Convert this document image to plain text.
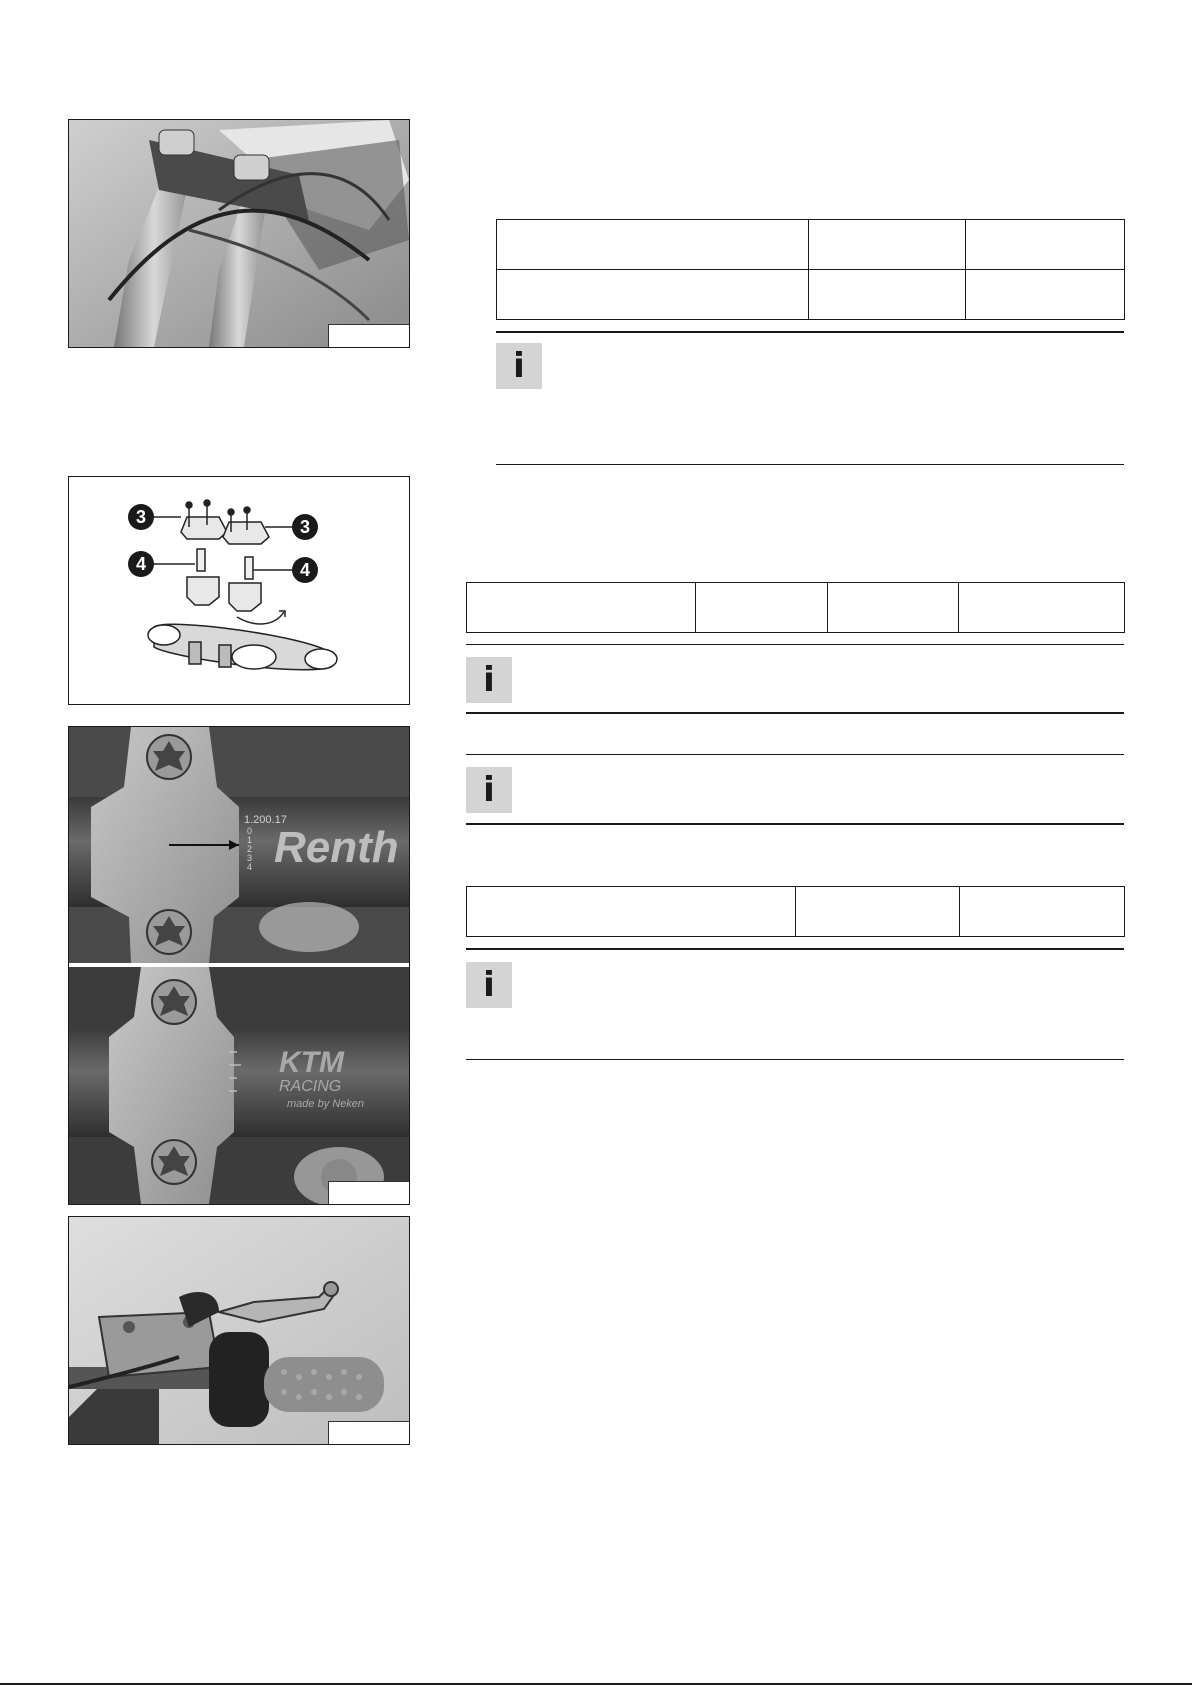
i
3	3
4	4

i
1.200.17
0
1
2
3
4 Renth
KTM
RACING
made by Neken
i

i
